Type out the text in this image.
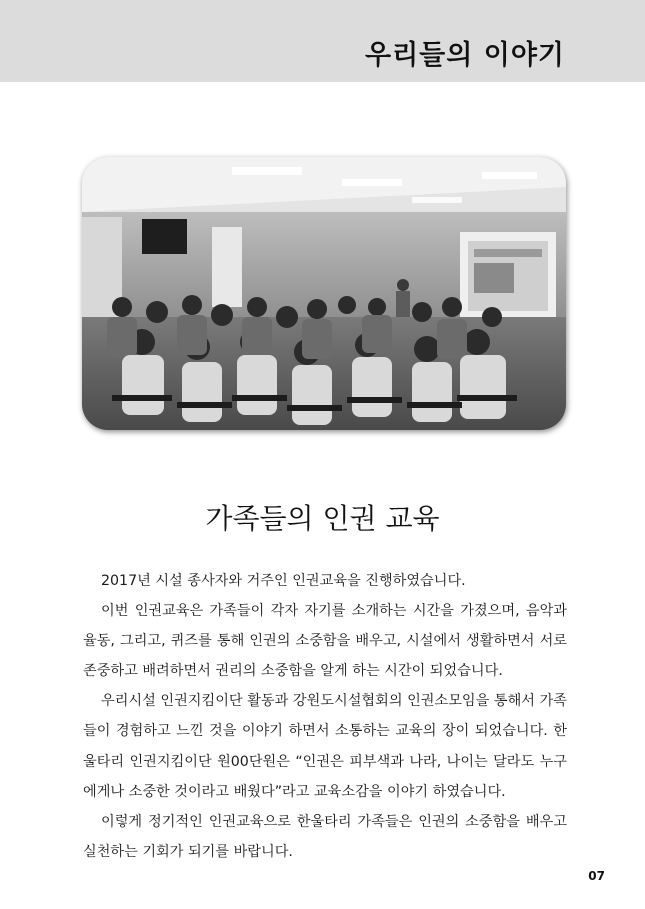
우리들의 이야기
가족들의 인권 교육

2017년 시설 종사자와 거주인 인권교육을 진행하였습니다.

이번 인권교육은 가족들이 각자 자기를 소개하는 시간을 가졌으며, 음악과 율동, 그리고, 퀴즈를 통해 인권의 소중함을 배우고, 시설에서 생활하면서 서로 존중하고 배려하면서 권리의 소중함을 알게 하는 시간이 되었습니다.

우리시설 인권지킴이단 활동과 강원도시설협회의 인권소모임을 통해서 가족들이 경험하고 느낀 것을 이야기 하면서 소통하는 교육의 장이 되었습니다. 한울타리 인권지킴이단 원00단원은 “인권은 피부색과 나라, 나이는 달라도 누구에게나 소중한 것이라고 배웠다”라고 교육소감을 이야기 하였습니다.

이렇게 정기적인 인권교육으로 한울타리 가족들은 인권의 소중함을 배우고 실천하는 기회가 되기를 바랍니다.

07
